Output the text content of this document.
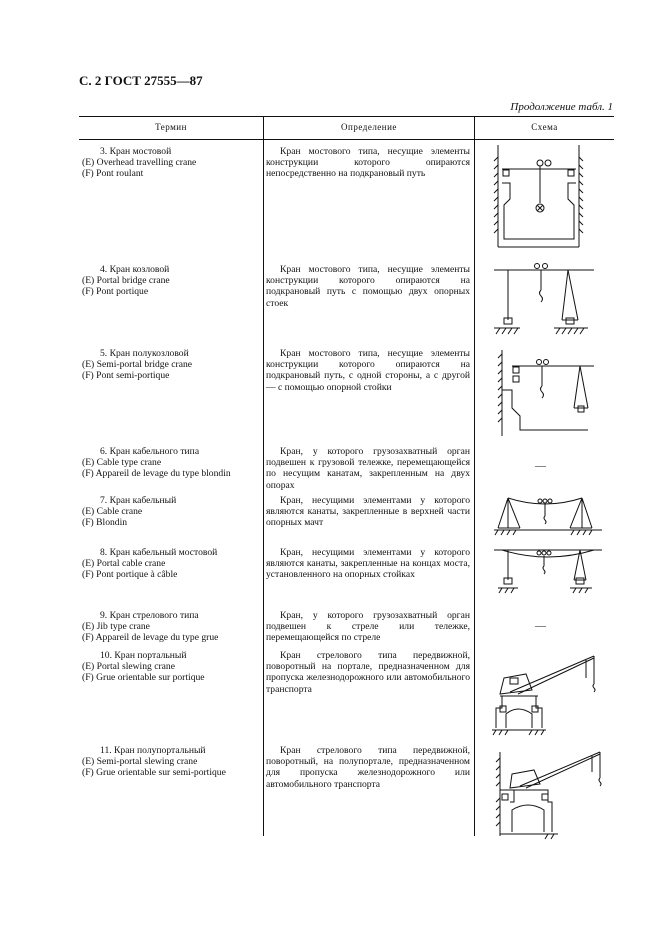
С. 2 ГОСТ 27555—87
Продолжение табл. 1
Термин	Определение	Схема
3. Кран мостовой
(E) Overhead travelling crane
(F) Pont roulant
Кран мостового типа, несущие элементы конструкции которого опираются непосредственно на подкрановый путь
4. Кран козловой
(E) Portal bridge crane
(F) Pont portique
Кран мостового типа, несущие элементы конструкции которого опираются на подкрановый путь с помощью двух опорных стоек
5. Кран полукозловой
(E) Semi-portal bridge crane
(F) Pont semi-portique
Кран мостового типа, несущие элементы конструкции которого опираются на подкрановый путь, с одной стороны, а с другой — с помощью опорной стойки
6. Кран кабельного типа
(E) Cable type crane
(F) Appareil de levage du type blondin
Кран, у которого грузозахватный орган подвешен к грузовой тележке, перемещающейся по несущим канатам, закрепленным на двух опорах
—
7. Кран кабельный
(E) Cable crane
(F) Blondin
Кран, несущими элементами у которого являются канаты, закрепленные в верхней части опорных мачт
8. Кран кабельный мостовой
(E) Portal cable crane
(F) Pont portique à câble
Кран, несущими элементами у которого являются канаты, закрепленные на концах моста, установленного на опорных стойках
9. Кран стрелового типа
(E) Jib type crane
(F) Appareil de levage du type grue
Кран, у которого грузозахватный орган подвешен к стреле или тележке, перемещающейся по стреле
—
10. Кран портальный
(E) Portal slewing crane
(F) Grue orientable sur portique
Кран стрелового типа передвижной, поворотный на портале, предназначенном для пропуска железнодорожного или автомобильного транспорта
11. Кран полупортальный
(E) Semi-portal slewing crane
(F) Grue orientable sur semi-portique
Кран стрелового типа передвижной, поворотный, на полупортале, предназначенном для пропуска железнодорожного или автомобильного транспорта
